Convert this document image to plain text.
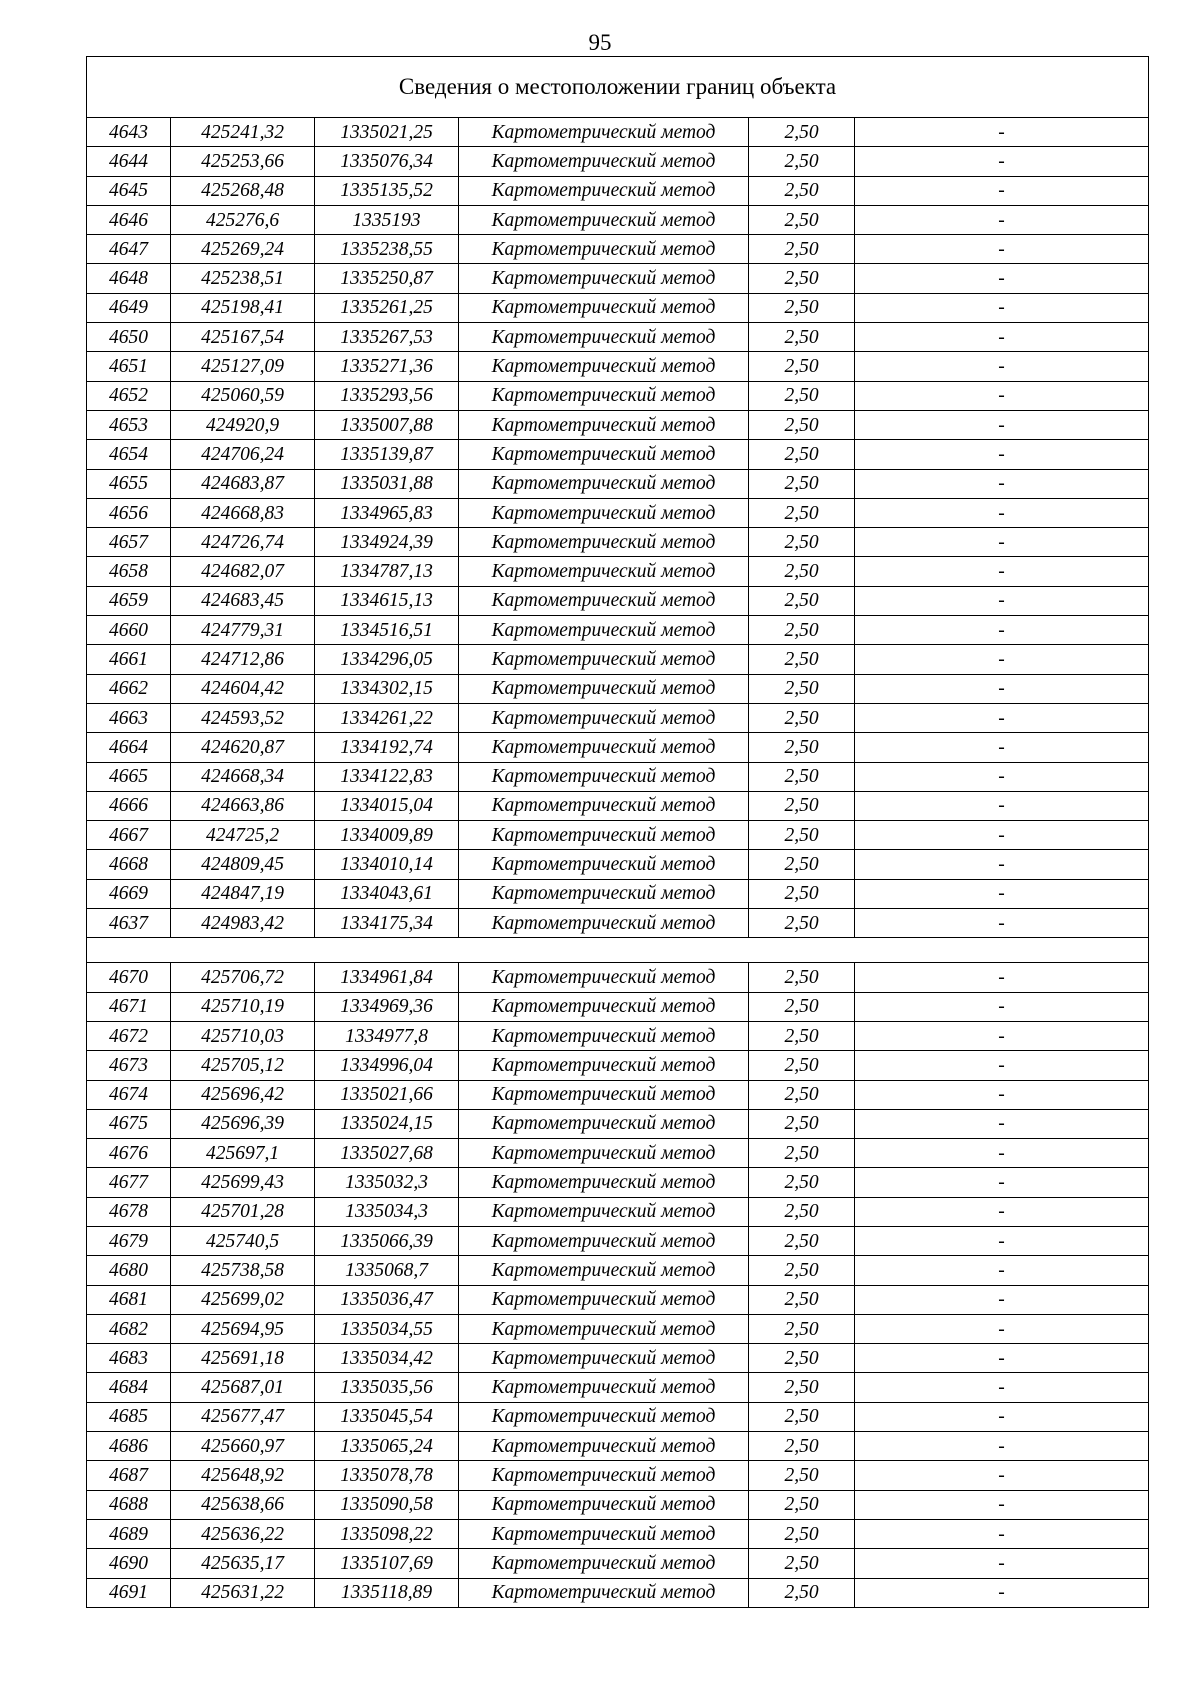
95
Сведения о местоположении границ объекта					
4643	425241,32	1335021,25	Картометрический метод	2,50	-
4644	425253,66	1335076,34	Картометрический метод	2,50	-
4645	425268,48	1335135,52	Картометрический метод	2,50	-
4646	425276,6	1335193	Картометрический метод	2,50	-
4647	425269,24	1335238,55	Картометрический метод	2,50	-
4648	425238,51	1335250,87	Картометрический метод	2,50	-
4649	425198,41	1335261,25	Картометрический метод	2,50	-
4650	425167,54	1335267,53	Картометрический метод	2,50	-
4651	425127,09	1335271,36	Картометрический метод	2,50	-
4652	425060,59	1335293,56	Картометрический метод	2,50	-
4653	424920,9	1335007,88	Картометрический метод	2,50	-
4654	424706,24	1335139,87	Картометрический метод	2,50	-
4655	424683,87	1335031,88	Картометрический метод	2,50	-
4656	424668,83	1334965,83	Картометрический метод	2,50	-
4657	424726,74	1334924,39	Картометрический метод	2,50	-
4658	424682,07	1334787,13	Картометрический метод	2,50	-
4659	424683,45	1334615,13	Картометрический метод	2,50	-
4660	424779,31	1334516,51	Картометрический метод	2,50	-
4661	424712,86	1334296,05	Картометрический метод	2,50	-
4662	424604,42	1334302,15	Картометрический метод	2,50	-
4663	424593,52	1334261,22	Картометрический метод	2,50	-
4664	424620,87	1334192,74	Картометрический метод	2,50	-
4665	424668,34	1334122,83	Картометрический метод	2,50	-
4666	424663,86	1334015,04	Картометрический метод	2,50	-
4667	424725,2	1334009,89	Картометрический метод	2,50	-
4668	424809,45	1334010,14	Картометрический метод	2,50	-
4669	424847,19	1334043,61	Картометрический метод	2,50	-
4637	424983,42	1334175,34	Картометрический метод	2,50	-

4670	425706,72	1334961,84	Картометрический метод	2,50	-
4671	425710,19	1334969,36	Картометрический метод	2,50	-
4672	425710,03	1334977,8	Картометрический метод	2,50	-
4673	425705,12	1334996,04	Картометрический метод	2,50	-
4674	425696,42	1335021,66	Картометрический метод	2,50	-
4675	425696,39	1335024,15	Картометрический метод	2,50	-
4676	425697,1	1335027,68	Картометрический метод	2,50	-
4677	425699,43	1335032,3	Картометрический метод	2,50	-
4678	425701,28	1335034,3	Картометрический метод	2,50	-
4679	425740,5	1335066,39	Картометрический метод	2,50	-
4680	425738,58	1335068,7	Картометрический метод	2,50	-
4681	425699,02	1335036,47	Картометрический метод	2,50	-
4682	425694,95	1335034,55	Картометрический метод	2,50	-
4683	425691,18	1335034,42	Картометрический метод	2,50	-
4684	425687,01	1335035,56	Картометрический метод	2,50	-
4685	425677,47	1335045,54	Картометрический метод	2,50	-
4686	425660,97	1335065,24	Картометрический метод	2,50	-
4687	425648,92	1335078,78	Картометрический метод	2,50	-
4688	425638,66	1335090,58	Картометрический метод	2,50	-
4689	425636,22	1335098,22	Картометрический метод	2,50	-
4690	425635,17	1335107,69	Картометрический метод	2,50	-
4691	425631,22	1335118,89	Картометрический метод	2,50	-
